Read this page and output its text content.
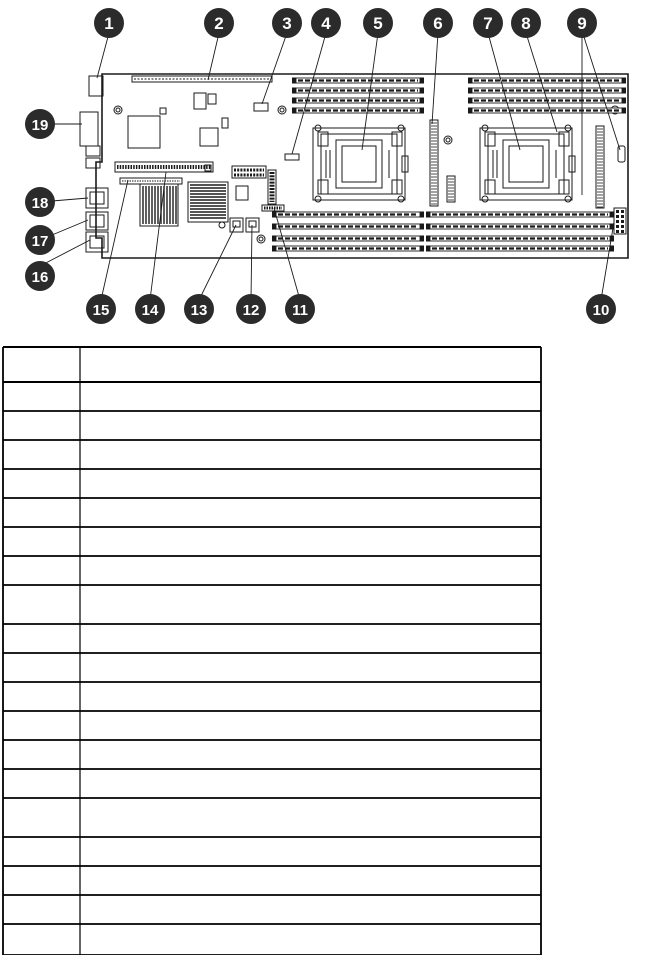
1	2	3 4	5	6 7 8	9
10
11
12
13
14
15
16
17
18
19
